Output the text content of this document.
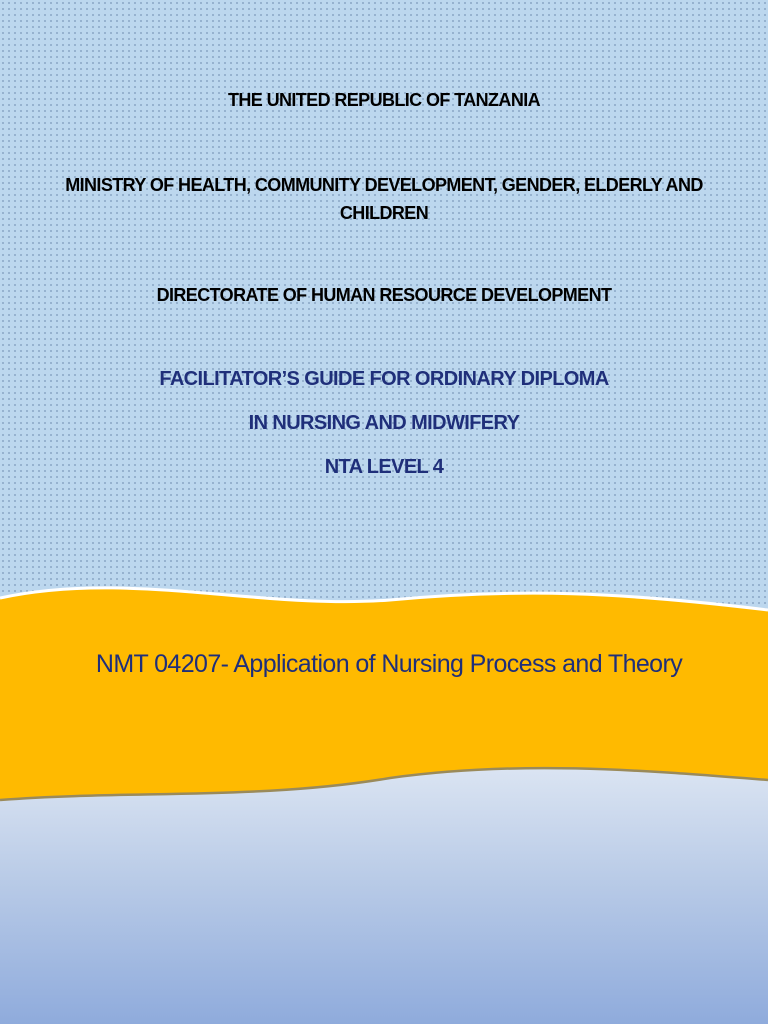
THE UNITED REPUBLIC OF TANZANIA
MINISTRY OF HEALTH, COMMUNITY DEVELOPMENT, GENDER, ELDERLY AND
CHILDREN
DIRECTORATE OF HUMAN RESOURCE DEVELOPMENT
FACILITATOR’S GUIDE FOR ORDINARY DIPLOMA
IN NURSING AND MIDWIFERY
NTA LEVEL 4
NMT 04207- Application of Nursing Process and Theory
